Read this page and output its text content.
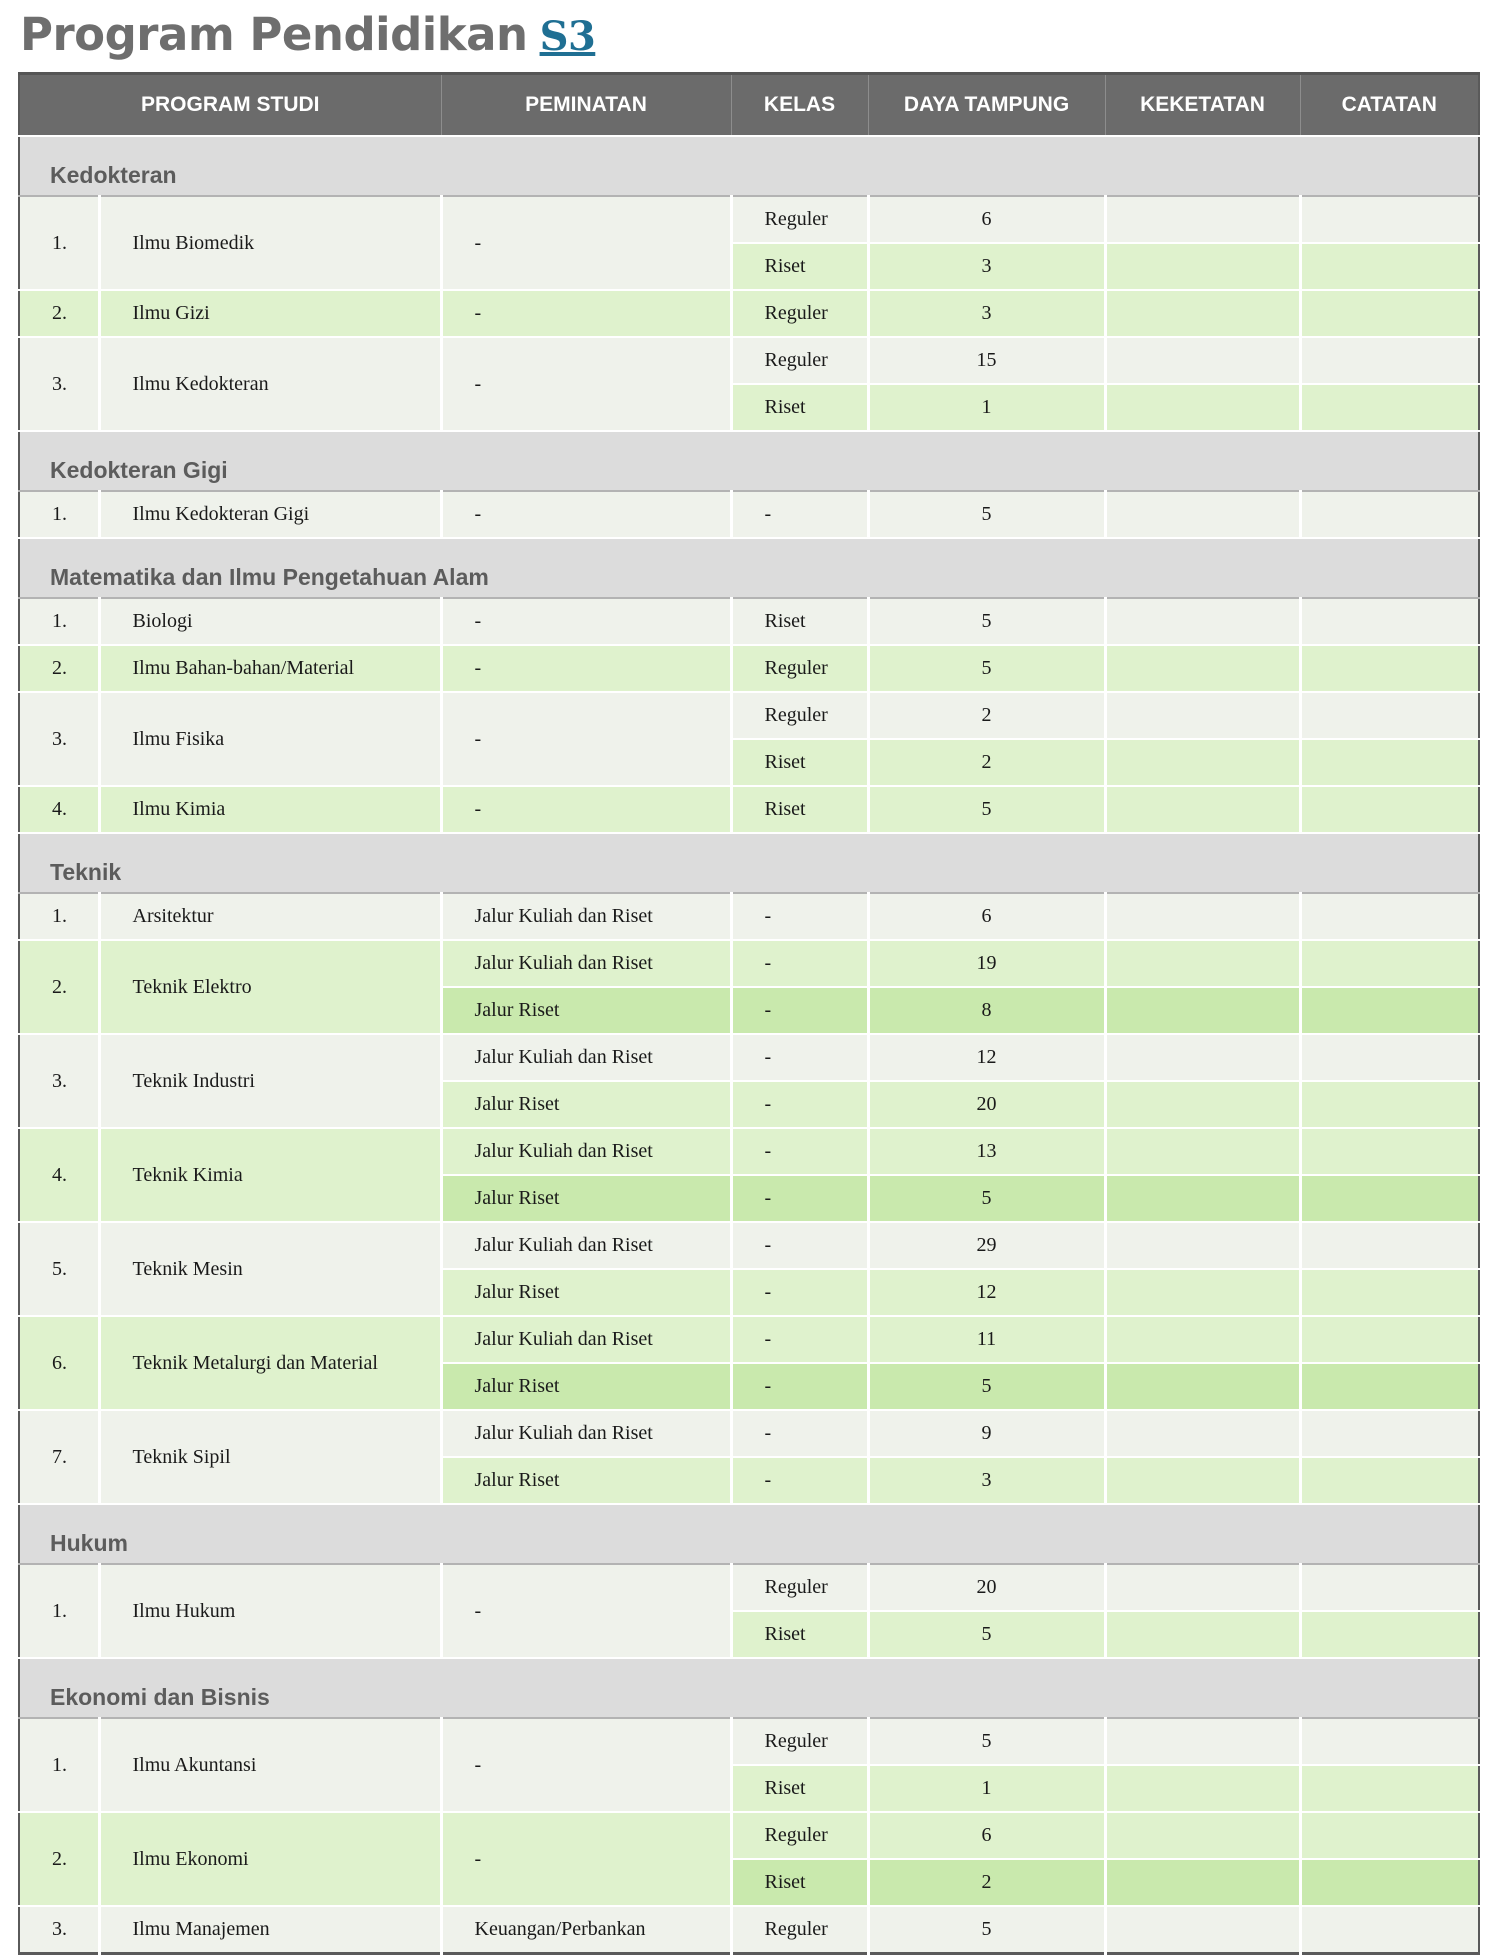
Program Pendidikan S3
PROGRAM STUDI		PEMINATAN	KELAS	DAYA TAMPUNG	KEKETATAN	CATATAN
Kedokteran						
1.	Ilmu Biomedik	-	Reguler	6		
			Riset	3		
2.	Ilmu Gizi	-	Reguler	3		
3.	Ilmu Kedokteran	-	Reguler	15		
			Riset	1		
Kedokteran Gigi						
1.	Ilmu Kedokteran Gigi	-	-	5		
Matematika dan Ilmu Pengetahuan Alam						
1.	Biologi	-	Riset	5		
2.	Ilmu Bahan-bahan/Material	-	Reguler	5		
3.	Ilmu Fisika	-	Reguler	2		
			Riset	2		
4.	Ilmu Kimia	-	Riset	5		
Teknik						
1.	Arsitektur	Jalur Kuliah dan Riset	-	6		
2.	Teknik Elektro	Jalur Kuliah dan Riset	-	19		
		Jalur Riset	-	8		
3.	Teknik Industri	Jalur Kuliah dan Riset	-	12		
		Jalur Riset	-	20		
4.	Teknik Kimia	Jalur Kuliah dan Riset	-	13		
		Jalur Riset	-	5		
5.	Teknik Mesin	Jalur Kuliah dan Riset	-	29		
		Jalur Riset	-	12		
6.	Teknik Metalurgi dan Material	Jalur Kuliah dan Riset	-	11		
		Jalur Riset	-	5		
7.	Teknik Sipil	Jalur Kuliah dan Riset	-	9		
		Jalur Riset	-	3		
Hukum						
1.	Ilmu Hukum	-	Reguler	20		
			Riset	5		
Ekonomi dan Bisnis						
1.	Ilmu Akuntansi	-	Reguler	5		
			Riset	1		
2.	Ilmu Ekonomi	-	Reguler	6		
			Riset	2		
3.	Ilmu Manajemen	Keuangan/Perbankan	Reguler	5		
